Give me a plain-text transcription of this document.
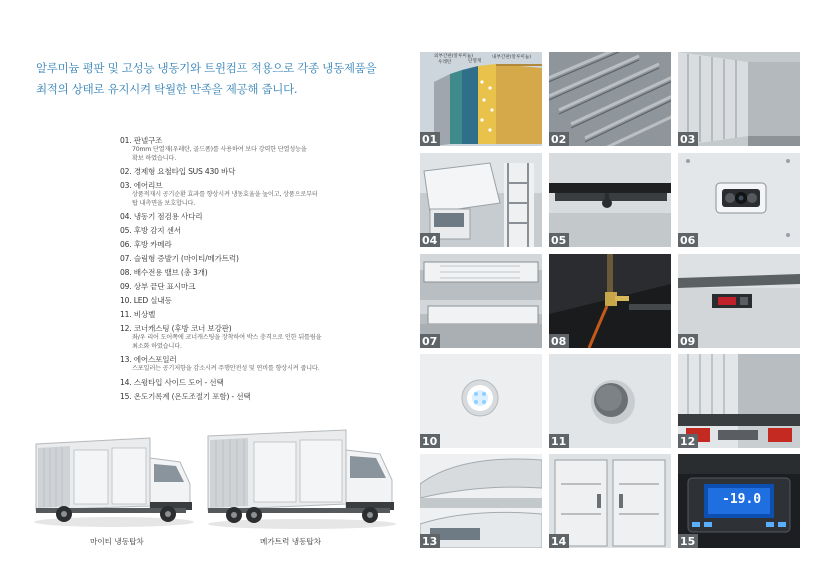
알루미늄 평판 및 고성능 냉동기와 트윈컴프 적용으로 각종 냉동제품을
최적의 상태로 유지시켜 탁월한 만족을 제공해 줍니다.
01. 판넬구조
70mm 단열재(우레탄, 골드폼)를 사용하여 보다 강력한 단열성능을
확보 하였습니다.
02. 경제형 요철타입 SUS 430 바닥
03. 에어리브
상품적재시 공기순환 효과를 향상시켜 냉동효율을 높이고, 상품으로부터
탑 내측면을 보호합니다.
04. 냉동기 점검용 사다리
05. 후방 감지 센서
06. 후방 카메라
07. 슬림형 증발기 (마이티/메가트럭)
08. 배수전용 밸브 (총 3개)
09. 상부 끝단 표시마크
10. LED 실내등
11. 비상벨
12. 코너캐스팅 (후방 코너 보강판)
좌/우 리어 도어쪽에 코너캐스팅을 장착하여 박스 충격으로 인한 뒤틀림을
최소화 하였습니다.
13. 에어스포일러
스포일러는 공기저항을 감소시켜 주행안전성 및 연비를 향상시켜 줍니다.
14. 스윙타입 사이드 도어 - 선택
15. 온도기록계 (온도조절기 포함) - 선택
마이티 냉동탑차	메가트럭 냉동탑차
외부간판(알루미늄)
우레탄	단열재
내부간판(알루미늄)
01	02	03
04	05	06
07	08	09
10	11	12
13	14
-19.0
15
